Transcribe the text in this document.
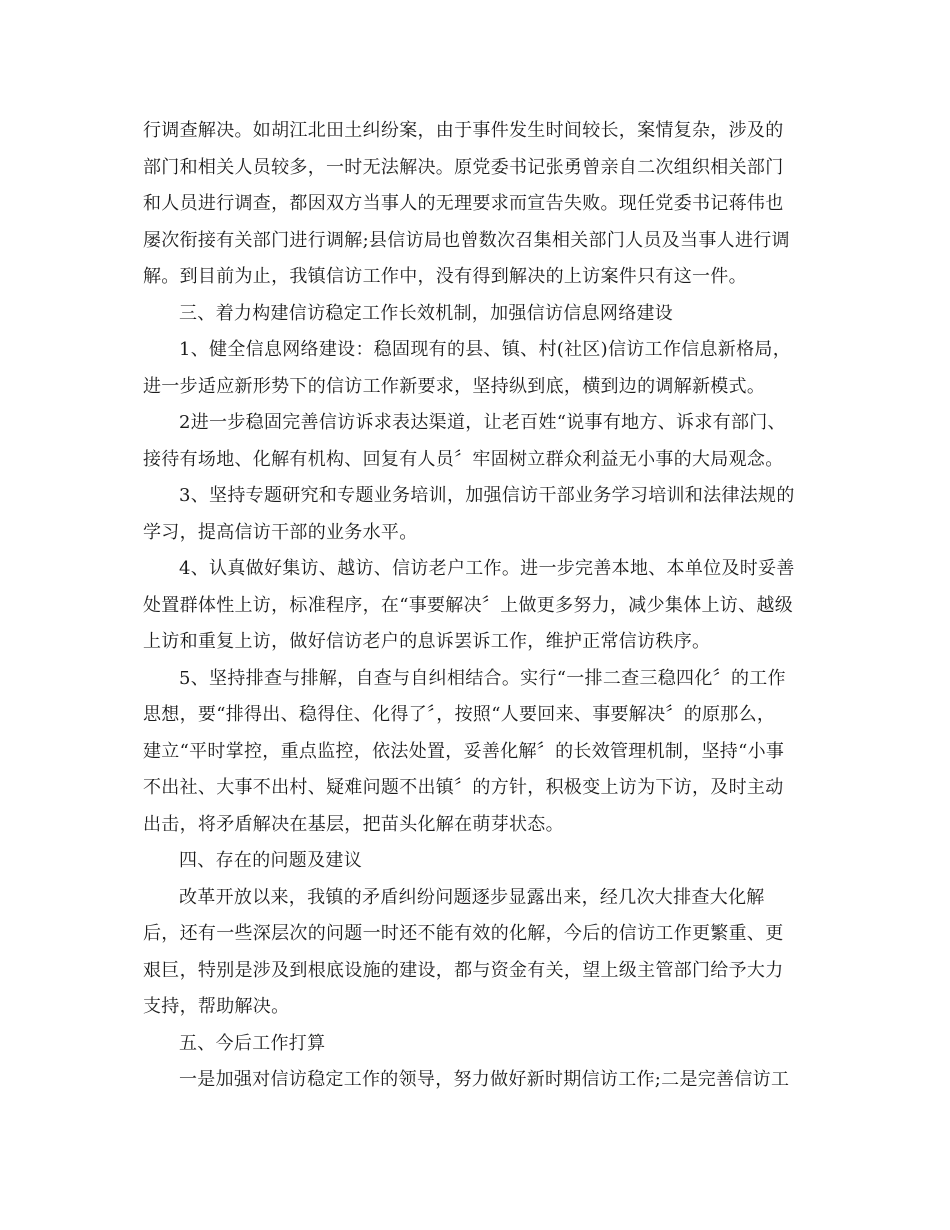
行调查解决。如胡江北田土纠纷案，由于事件发生时间较长，案情复杂，涉及的
部门和相关人员较多，一时无法解决。原党委书记张勇曾亲自二次组织相关部门
和人员进行调查，都因双方当事人的无理要求而宣告失败。现任党委书记蒋伟也
屡次衔接有关部门进行调解;县信访局也曾数次召集相关部门人员及当事人进行调
解。到目前为止，我镇信访工作中，没有得到解决的上访案件只有这一件。
三、着力构建信访稳定工作长效机制，加强信访信息网络建设
1、健全信息网络建设：稳固现有的县、镇、村(社区)信访工作信息新格局，
进一步适应新形势下的信访工作新要求，坚持纵到底，横到边的调解新模式。
2进一步稳固完善信访诉求表达渠道，让老百姓“说事有地方、诉求有部门、
接待有场地、化解有机构、回复有人员〞牢固树立群众利益无小事的大局观念。
3、坚持专题研究和专题业务培训，加强信访干部业务学习培训和法律法规的
学习，提高信访干部的业务水平。
4、认真做好集访、越访、信访老户工作。进一步完善本地、本单位及时妥善
处置群体性上访，标准程序，在“事要解决〞上做更多努力，减少集体上访、越级
上访和重复上访，做好信访老户的息诉罢诉工作，维护正常信访秩序。
5、坚持排查与排解，自查与自纠相结合。实行“一排二查三稳四化〞的工作
思想，要“排得出、稳得住、化得了〞，按照“人要回来、事要解决〞的原那么，
建立“平时掌控，重点监控，依法处置，妥善化解〞的长效管理机制，坚持“小事
不出社、大事不出村、疑难问题不出镇〞的方针，积极变上访为下访，及时主动
出击，将矛盾解决在基层，把苗头化解在萌芽状态。
四、存在的问题及建议
改革开放以来，我镇的矛盾纠纷问题逐步显露出来，经几次大排查大化解
后，还有一些深层次的问题一时还不能有效的化解，今后的信访工作更繁重、更
艰巨，特别是涉及到根底设施的建设，都与资金有关，望上级主管部门给予大力
支持，帮助解决。
五、今后工作打算
一是加强对信访稳定工作的领导，努力做好新时期信访工作;二是完善信访工
